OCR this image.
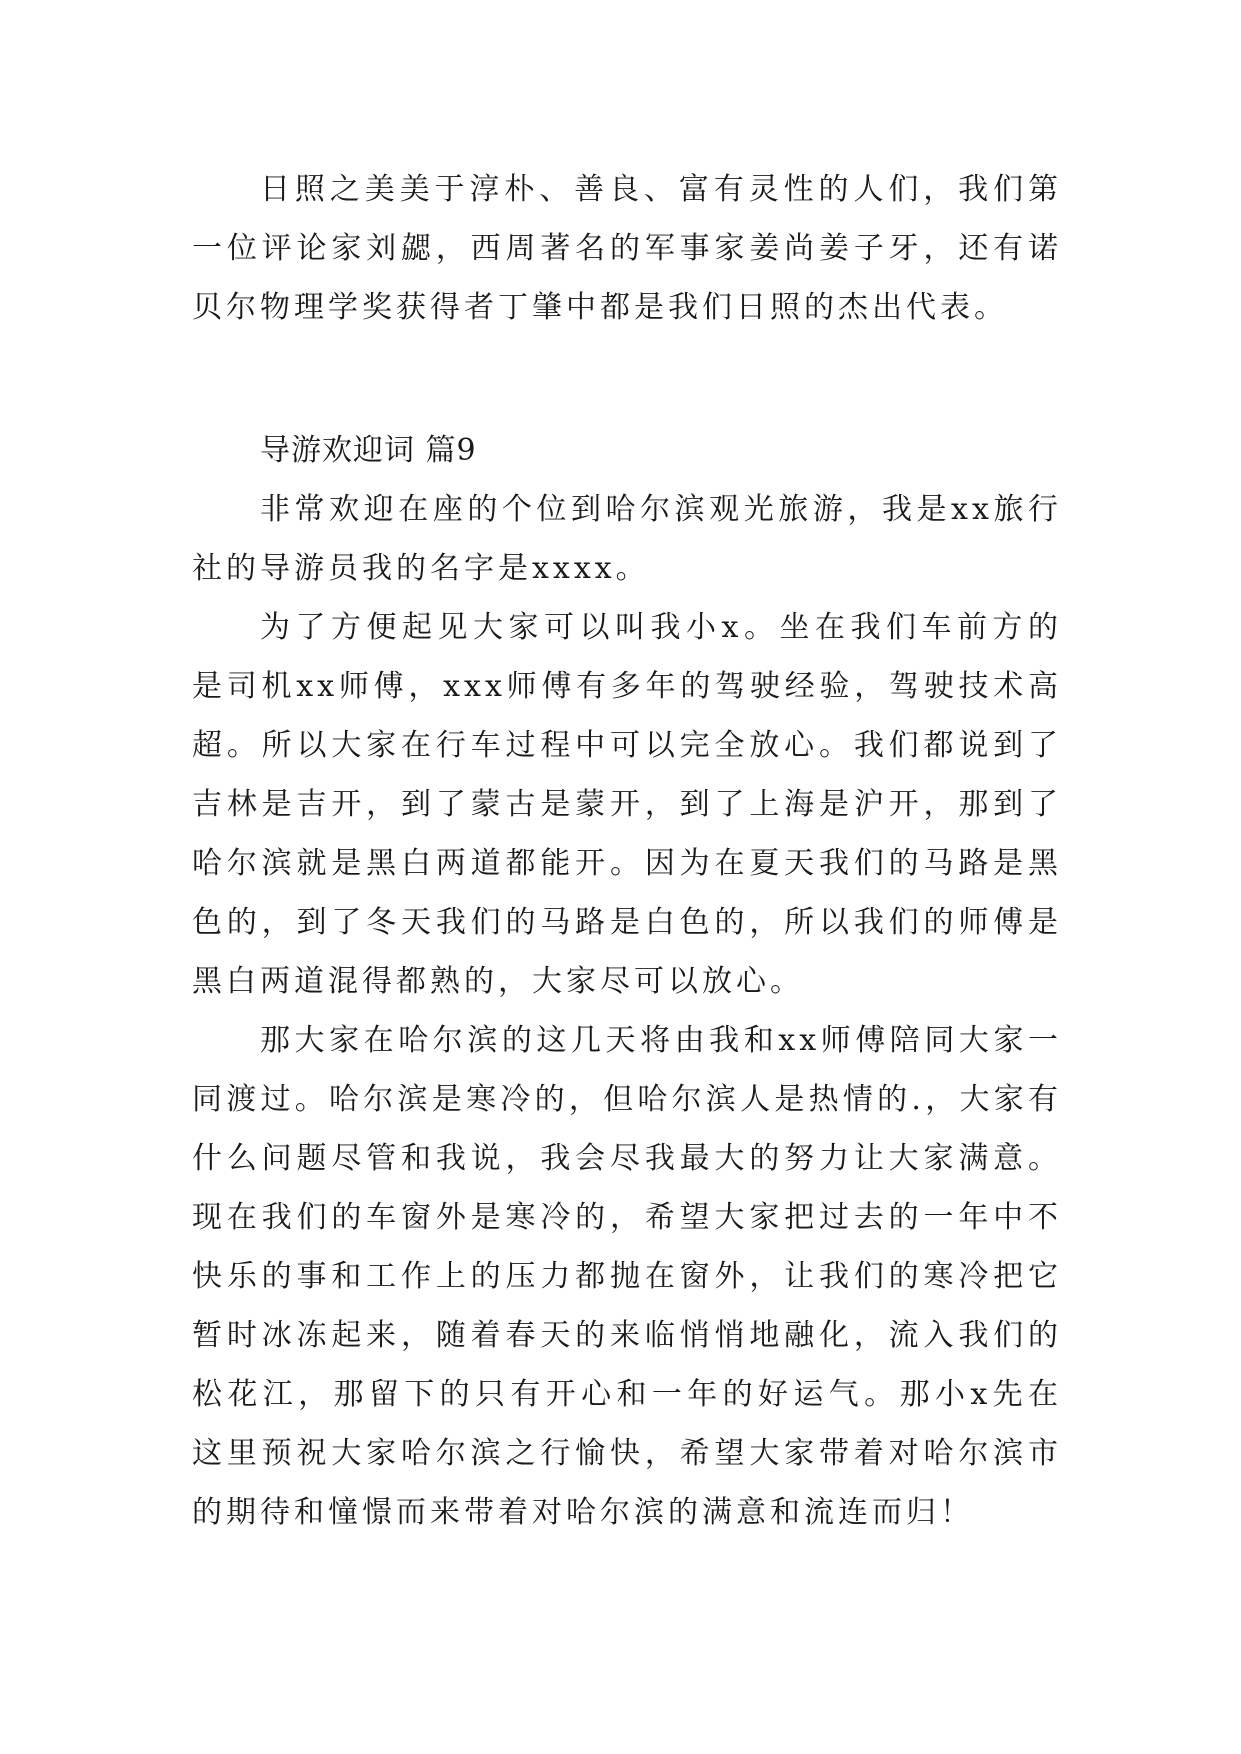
日照之美美于淳朴、善良、富有灵性的人们，我们第一位评论家刘勰，西周著名的军事家姜尚姜子牙，还有诺贝尔物理学奖获得者丁肇中都是我们日照的杰出代表。

导游欢迎词 篇9

非常欢迎在座的个位到哈尔滨观光旅游，我是xx旅行社的导游员我的名字是xxxx。

为了方便起见大家可以叫我小x。坐在我们车前方的是司机xx师傅，xxx师傅有多年的驾驶经验，驾驶技术高超。所以大家在行车过程中可以完全放心。我们都说到了吉林是吉开，到了蒙古是蒙开，到了上海是沪开，那到了哈尔滨就是黑白两道都能开。因为在夏天我们的马路是黑色的，到了冬天我们的马路是白色的，所以我们的师傅是黑白两道混得都熟的，大家尽可以放心。

那大家在哈尔滨的这几天将由我和xx师傅陪同大家一同渡过。哈尔滨是寒冷的，但哈尔滨人是热情的.，大家有什么问题尽管和我说，我会尽我最大的努力让大家满意。现在我们的车窗外是寒冷的，希望大家把过去的一年中不快乐的事和工作上的压力都抛在窗外，让我们的寒冷把它暂时冰冻起来，随着春天的来临悄悄地融化，流入我们的松花江，那留下的只有开心和一年的好运气。那小x先在这里预祝大家哈尔滨之行愉快，希望大家带着对哈尔滨市的期待和憧憬而来带着对哈尔滨的满意和流连而归！
